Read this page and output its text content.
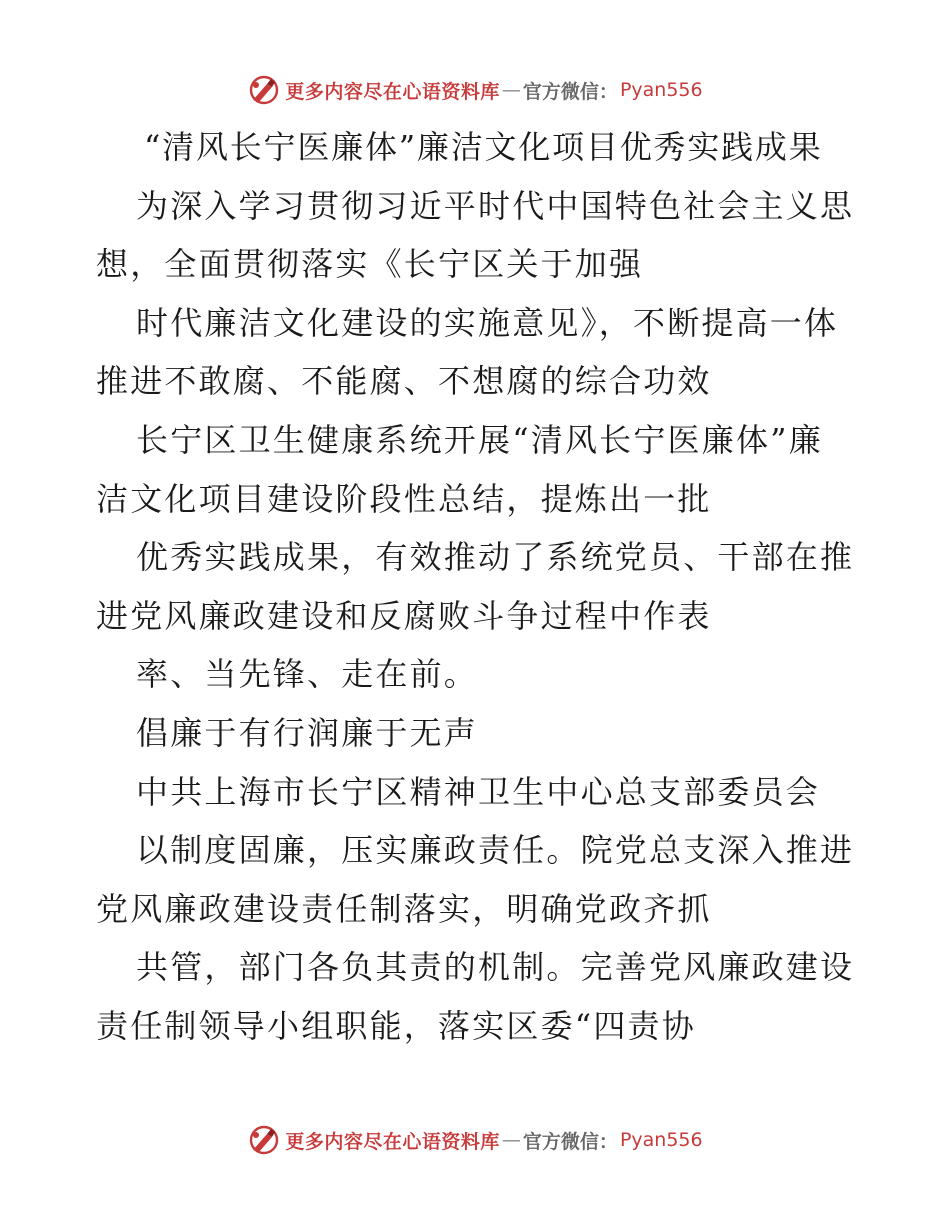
更多内容尽在心语资料库 — 官方微信： Pyan556
“清风长宁医廉体”廉洁文化项目优秀实践成果
为深入学习贯彻习近平时代中国特色社会主义思
想，全面贯彻落实《长宁区关于加强
时代廉洁文化建设的实施意见》，不断提高一体
推进不敢腐、不能腐、不想腐的综合功效
长宁区卫生健康系统开展“清风长宁医廉体”廉
洁文化项目建设阶段性总结，提炼出一批
优秀实践成果，有效推动了系统党员、干部在推
进党风廉政建设和反腐败斗争过程中作表
率、当先锋、走在前。
倡廉于有行润廉于无声
中共上海市长宁区精神卫生中心总支部委员会
以制度固廉，压实廉政责任。院党总支深入推进
党风廉政建设责任制落实，明确党政齐抓
共管，部门各负其责的机制。完善党风廉政建设
责任制领导小组职能，落实区委“四责协
更多内容尽在心语资料库 — 官方微信： Pyan556
